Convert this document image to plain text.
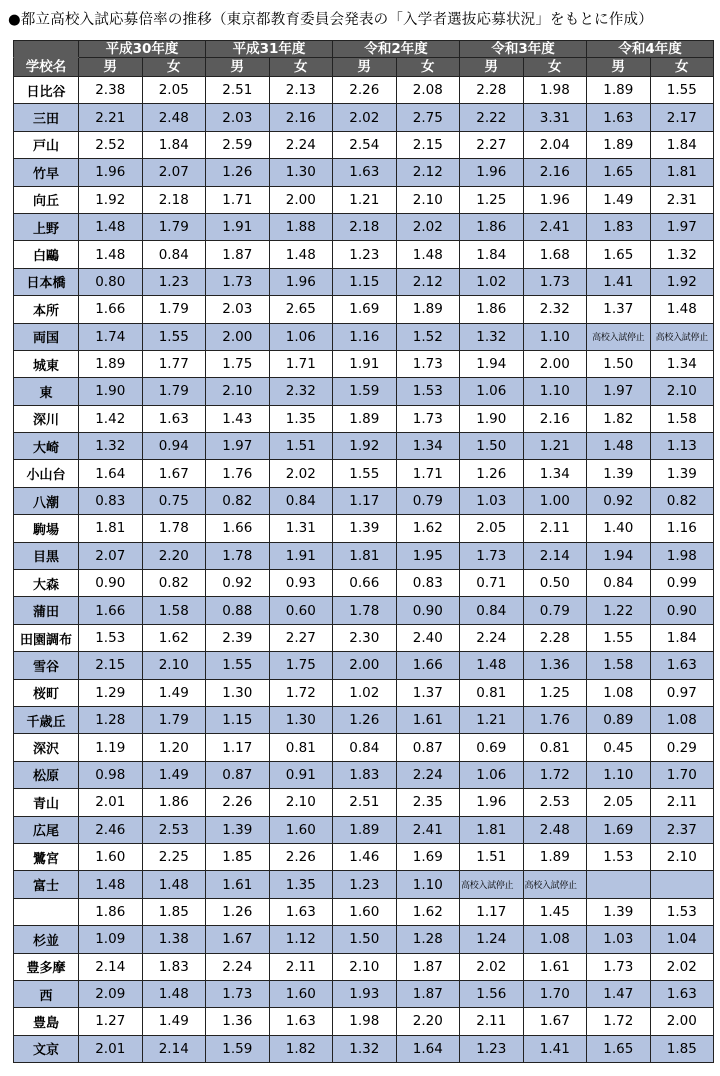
●都立高校入試応募倍率の推移（東京都教育委員会発表の「入学者選抜応募状況」をもとに作成）
	平成30年度		平成31年度		令和2年度		令和3年度		令和4年度	
学校名	男	女	男	女	男	女	男	女	男	女
日比谷	2.38	2.05	2.51	2.13	2.26	2.08	2.28	1.98	1.89	1.55
三田	2.21	2.48	2.03	2.16	2.02	2.75	2.22	3.31	1.63	2.17
戸山	2.52	1.84	2.59	2.24	2.54	2.15	2.27	2.04	1.89	1.84
竹早	1.96	2.07	1.26	1.30	1.63	2.12	1.96	2.16	1.65	1.81
向丘	1.92	2.18	1.71	2.00	1.21	2.10	1.25	1.96	1.49	2.31
上野	1.48	1.79	1.91	1.88	2.18	2.02	1.86	2.41	1.83	1.97
白鷗	1.48	0.84	1.87	1.48	1.23	1.48	1.84	1.68	1.65	1.32
日本橋	0.80	1.23	1.73	1.96	1.15	2.12	1.02	1.73	1.41	1.92
本所	1.66	1.79	2.03	2.65	1.69	1.89	1.86	2.32	1.37	1.48
両国	1.74	1.55	2.00	1.06	1.16	1.52	1.32	1.10	高校入試停止	高校入試停止
城東	1.89	1.77	1.75	1.71	1.91	1.73	1.94	2.00	1.50	1.34
東	1.90	1.79	2.10	2.32	1.59	1.53	1.06	1.10	1.97	2.10
深川	1.42	1.63	1.43	1.35	1.89	1.73	1.90	2.16	1.82	1.58
大崎	1.32	0.94	1.97	1.51	1.92	1.34	1.50	1.21	1.48	1.13
小山台	1.64	1.67	1.76	2.02	1.55	1.71	1.26	1.34	1.39	1.39
八潮	0.83	0.75	0.82	0.84	1.17	0.79	1.03	1.00	0.92	0.82
駒場	1.81	1.78	1.66	1.31	1.39	1.62	2.05	2.11	1.40	1.16
目黒	2.07	2.20	1.78	1.91	1.81	1.95	1.73	2.14	1.94	1.98
大森	0.90	0.82	0.92	0.93	0.66	0.83	0.71	0.50	0.84	0.99
蒲田	1.66	1.58	0.88	0.60	1.78	0.90	0.84	0.79	1.22	0.90
田園調布	1.53	1.62	2.39	2.27	2.30	2.40	2.24	2.28	1.55	1.84
雪谷	2.15	2.10	1.55	1.75	2.00	1.66	1.48	1.36	1.58	1.63
桜町	1.29	1.49	1.30	1.72	1.02	1.37	0.81	1.25	1.08	0.97
千歳丘	1.28	1.79	1.15	1.30	1.26	1.61	1.21	1.76	0.89	1.08
深沢	1.19	1.20	1.17	0.81	0.84	0.87	0.69	0.81	0.45	0.29
松原	0.98	1.49	0.87	0.91	1.83	2.24	1.06	1.72	1.10	1.70
青山	2.01	1.86	2.26	2.10	2.51	2.35	1.96	2.53	2.05	2.11
広尾	2.46	2.53	1.39	1.60	1.89	2.41	1.81	2.48	1.69	2.37
鷺宮	1.60	2.25	1.85	2.26	1.46	1.69	1.51	1.89	1.53	2.10
富士	1.48	1.48	1.61	1.35	1.23	1.10	高校入試停止	高校入試停止		
	1.86	1.85	1.26	1.63	1.60	1.62	1.17	1.45	1.39	1.53
杉並	1.09	1.38	1.67	1.12	1.50	1.28	1.24	1.08	1.03	1.04
豊多摩	2.14	1.83	2.24	2.11	2.10	1.87	2.02	1.61	1.73	2.02
西	2.09	1.48	1.73	1.60	1.93	1.87	1.56	1.70	1.47	1.63
豊島	1.27	1.49	1.36	1.63	1.98	2.20	2.11	1.67	1.72	2.00
文京	2.01	2.14	1.59	1.82	1.32	1.64	1.23	1.41	1.65	1.85
